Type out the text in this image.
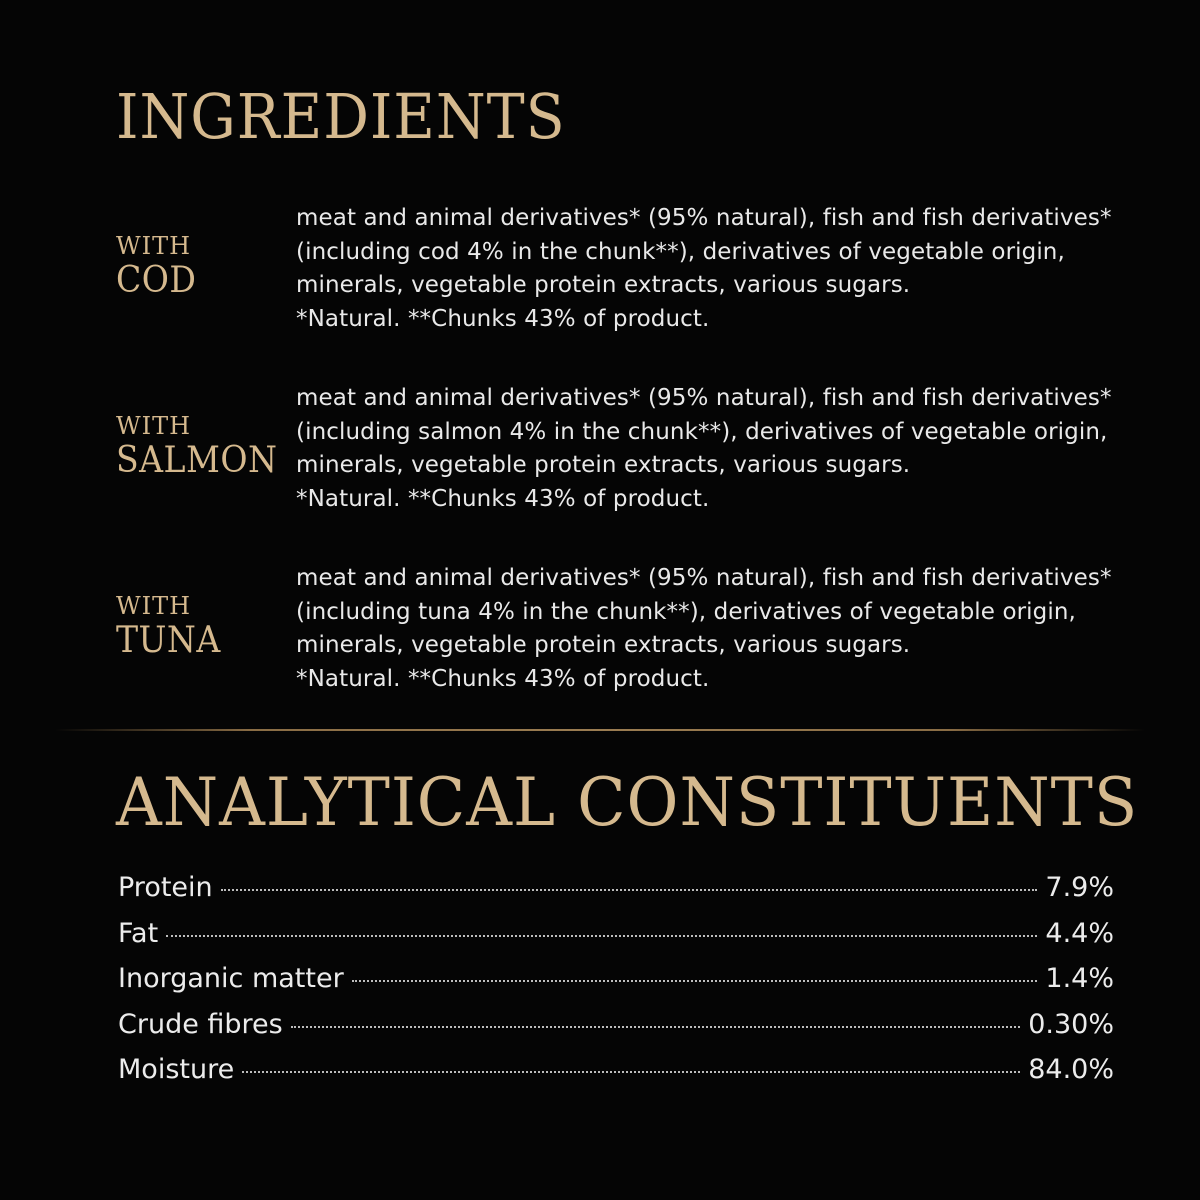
INGREDIENTS
WITH
COD

meat and animal derivatives* (95% natural), fish and fish derivatives*

(including cod 4% in the chunk**), derivatives of vegetable origin,

minerals, vegetable protein extracts, various sugars.

*Natural. **Chunks 43% of product.

WITH
SALMON

meat and animal derivatives* (95% natural), fish and fish derivatives*

(including salmon 4% in the chunk**), derivatives of vegetable origin,

minerals, vegetable protein extracts, various sugars.

*Natural. **Chunks 43% of product.

WITH
TUNA

meat and animal derivatives* (95% natural), fish and fish derivatives*

(including tuna 4% in the chunk**), derivatives of vegetable origin,

minerals, vegetable protein extracts, various sugars.

*Natural. **Chunks 43% of product.

ANALYTICAL CONSTITUENTS
Protein	7.9%
Fat	4.4%
Inorganic matter	1.4%
Crude fibres	0.30%
Moisture	84.0%
